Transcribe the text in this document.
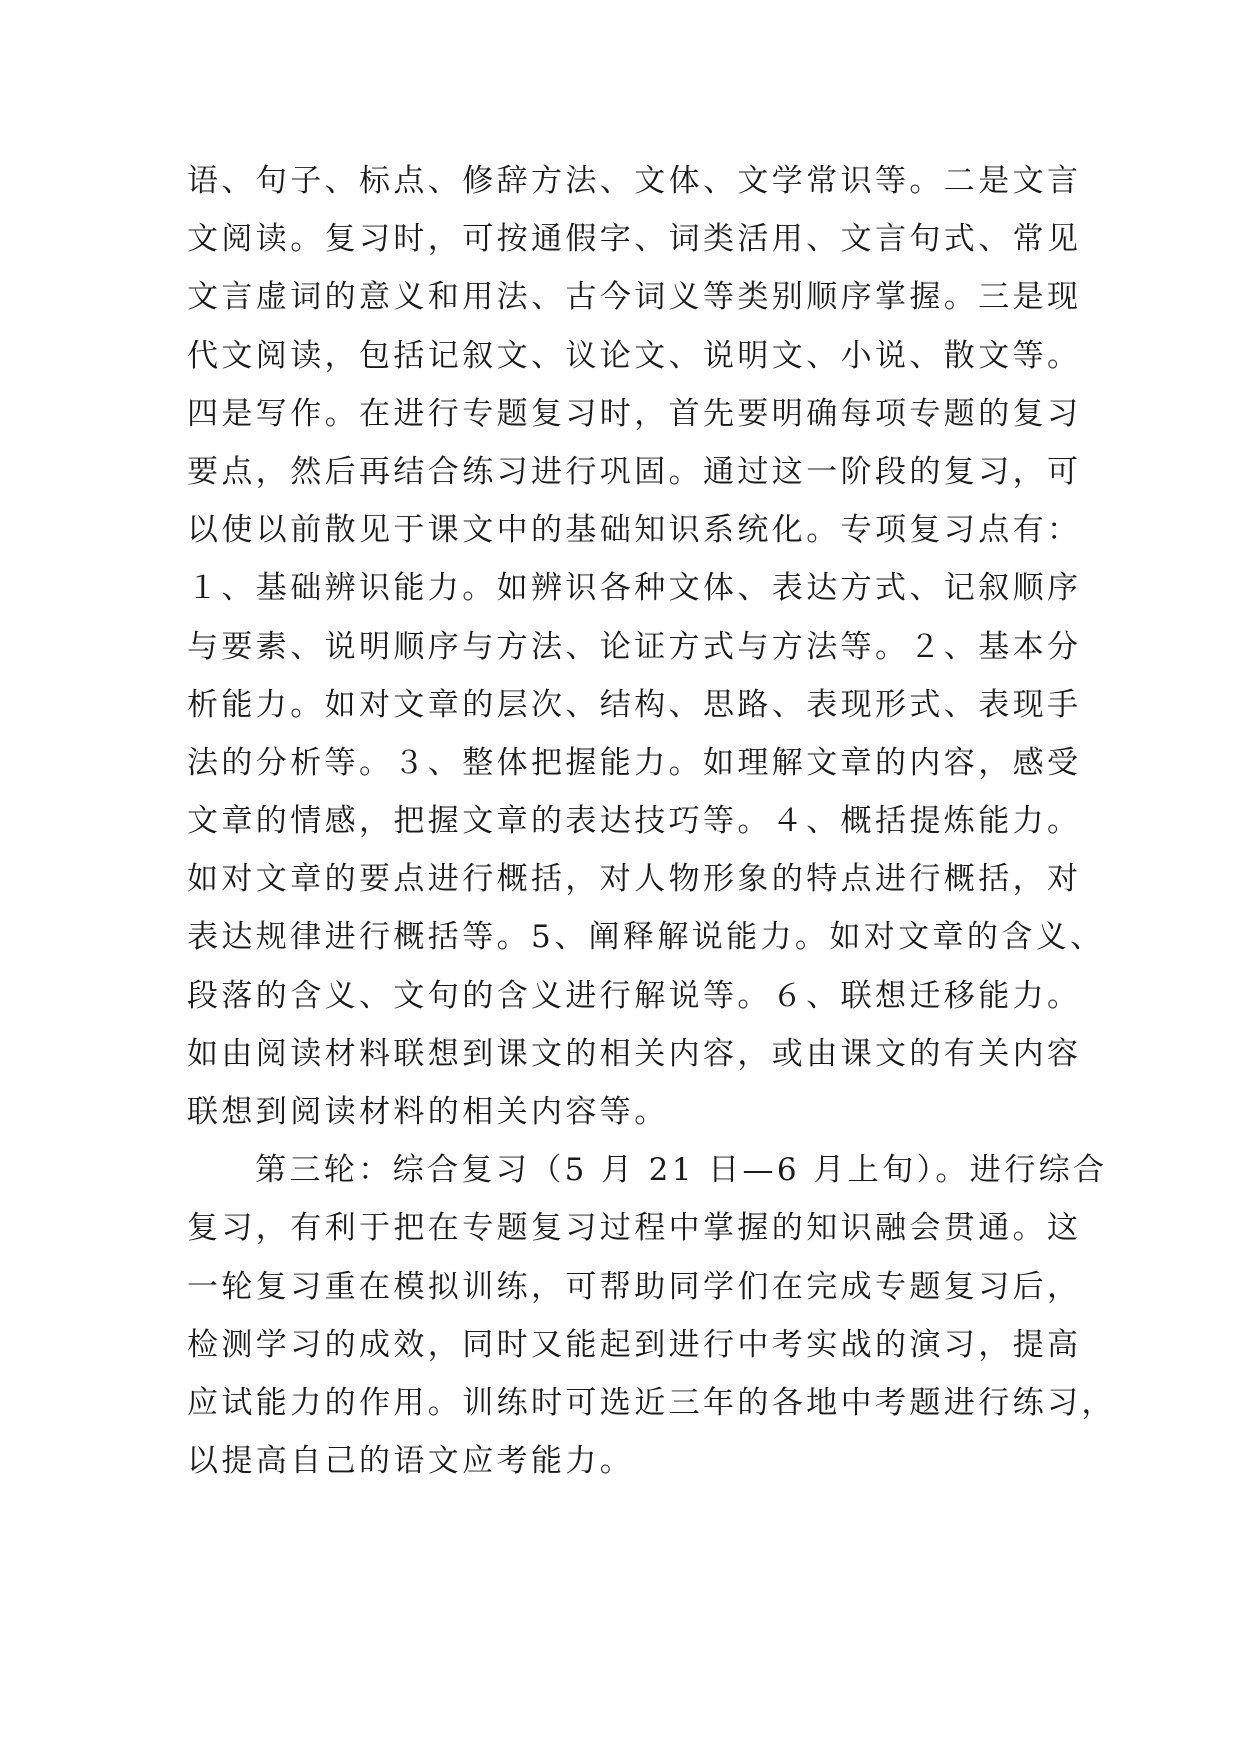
语、句子、标点、修辞方法、文体、文学常识等。二是文言
文阅读。复习时，可按通假字、词类活用、文言句式、常见
文言虚词的意义和用法、古今词义等类别顺序掌握。三是现
代文阅读，包括记叙文、议论文、说明文、小说、散文等。
四是写作。在进行专题复习时，首先要明确每项专题的复习
要点，然后再结合练习进行巩固。通过这一阶段的复习，可
以使以前散见于课文中的基础知识系统化。专项复习点有：
１、基础辨识能力。如辨识各种文体、表达方式、记叙顺序
与要素、说明顺序与方法、论证方式与方法等。２、基本分
析能力。如对文章的层次、结构、思路、表现形式、表现手
法的分析等。３、整体把握能力。如理解文章的内容，感受
文章的情感，把握文章的表达技巧等。４、概括提炼能力。
如对文章的要点进行概括，对人物形象的特点进行概括，对
表达规律进行概括等。5、阐释解说能力。如对文章的含义、
段落的含义、文句的含义进行解说等。６、联想迁移能力。
如由阅读材料联想到课文的相关内容，或由课文的有关内容
联想到阅读材料的相关内容等。
第三轮：综合复习（5 月 21 日—6 月上旬）。进行综合
复习，有利于把在专题复习过程中掌握的知识融会贯通。这
一轮复习重在模拟训练，可帮助同学们在完成专题复习后，
检测学习的成效，同时又能起到进行中考实战的演习，提高
应试能力的作用。训练时可选近三年的各地中考题进行练习，
以提高自己的语文应考能力。
